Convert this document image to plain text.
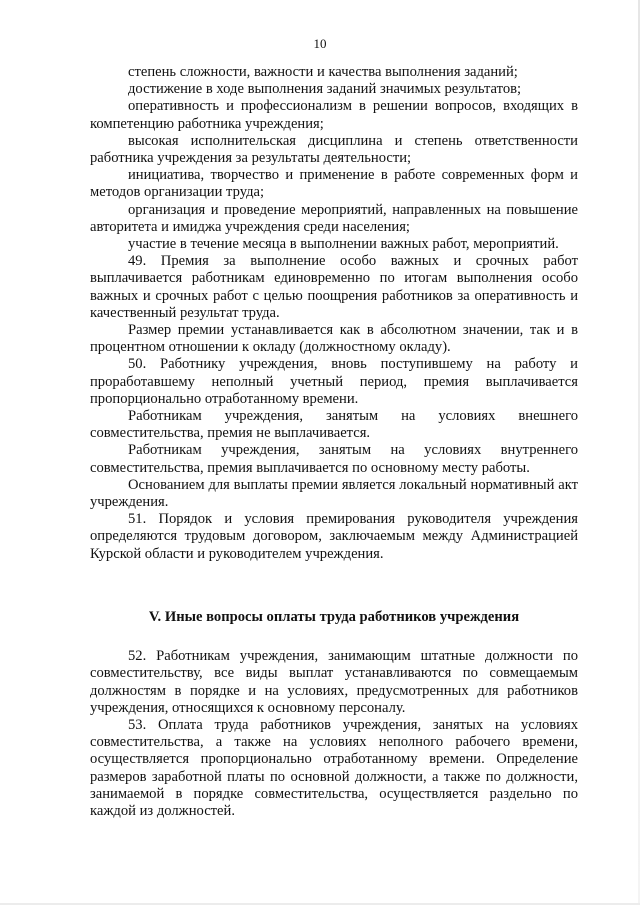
10

степень сложности, важности и качества выполнения заданий;

достижение в ходе выполнения заданий значимых результатов;

оперативность и профессионализм в решении вопросов, входящих в компетенцию работника учреждения;

высокая исполнительская дисциплина и степень ответственности работника учреждения за результаты деятельности;

инициатива, творчество и применение в работе современных форм и методов организации труда;

организация и проведение мероприятий, направленных на повышение авторитета и имиджа учреждения среди населения;

участие в течение месяца в выполнении важных работ, мероприятий.

49. Премия за выполнение особо важных и срочных работ выплачивается работникам единовременно по итогам выполнения особо важных и срочных работ с целью поощрения работников за оперативность и качественный результат труда.

Размер премии устанавливается как в абсолютном значении, так и в процентном отношении к окладу (должностному окладу).

50. Работнику учреждения, вновь поступившему на работу и проработавшему неполный учетный период, премия выплачивается пропорционально отработанному времени.

Работникам учреждения, занятым на условиях внешнего совместительства, премия не выплачивается.

Работникам учреждения, занятым на условиях внутреннего совместительства, премия выплачивается по основному месту работы.

Основанием для выплаты премии является локальный нормативный акт учреждения.

51. Порядок и условия премирования руководителя учреждения определяются трудовым договором, заключаемым между Администрацией Курской области и руководителем учреждения.

V. Иные вопросы оплаты труда работников учреждения

52. Работникам учреждения, занимающим штатные должности по совместительству, все виды выплат устанавливаются по совмещаемым должностям в порядке и на условиях, предусмотренных для работников учреждения, относящихся к основному персоналу.

53. Оплата труда работников учреждения, занятых на условиях совместительства, а также на условиях неполного рабочего времени, осуществляется пропорционально отработанному времени. Определение размеров заработной платы по основной должности, а также по должности, занимаемой в порядке совместительства, осуществляется раздельно по каждой из должностей.
